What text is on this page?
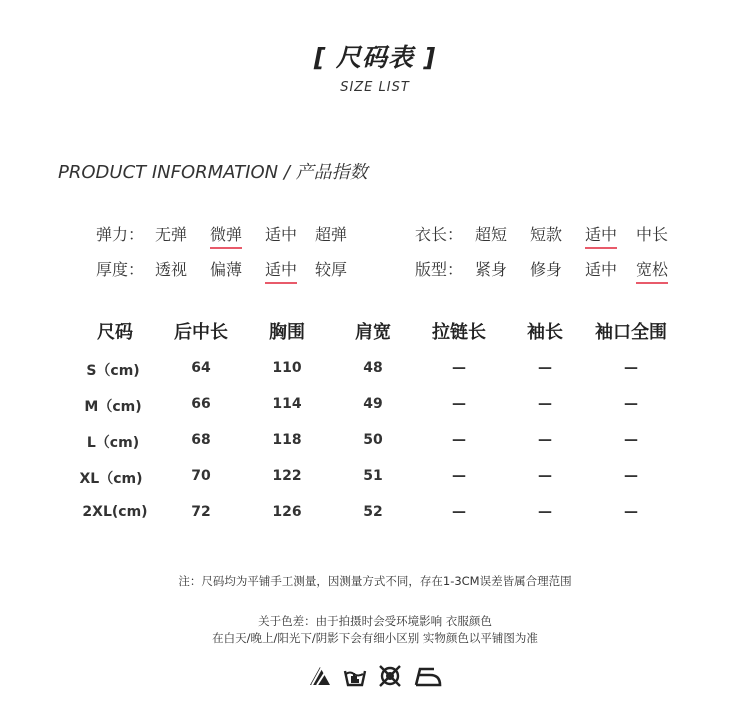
[ 尺码表 ]
SIZE LIST
PRODUCT INFORMATION / 产品指数
弹力： 无弹 微弹 适中 超弹	衣长： 超短 短款 适中 中长
厚度： 透视 偏薄 适中 较厚	版型： 紧身 修身 适中 宽松
尺码 后中长 胸围	肩宽 拉链长 袖长 袖口全围
S（cm)	64	110	48	—	—	—
M（cm)	66	114	49	—	—	—
L（cm)	68	118	50	—	—	—
XL（cm)	70	122	51	—	—	—
2XL(cm)	72	126	52	—	—	—
注：尺码均为平铺手工测量，因测量方式不同，存在1-3CM误差皆属合理范围
关于色差：由于拍摄时会受环境影响 衣服颜色
在白天/晚上/阳光下/阴影下会有细小区别 实物颜色以平铺图为准
